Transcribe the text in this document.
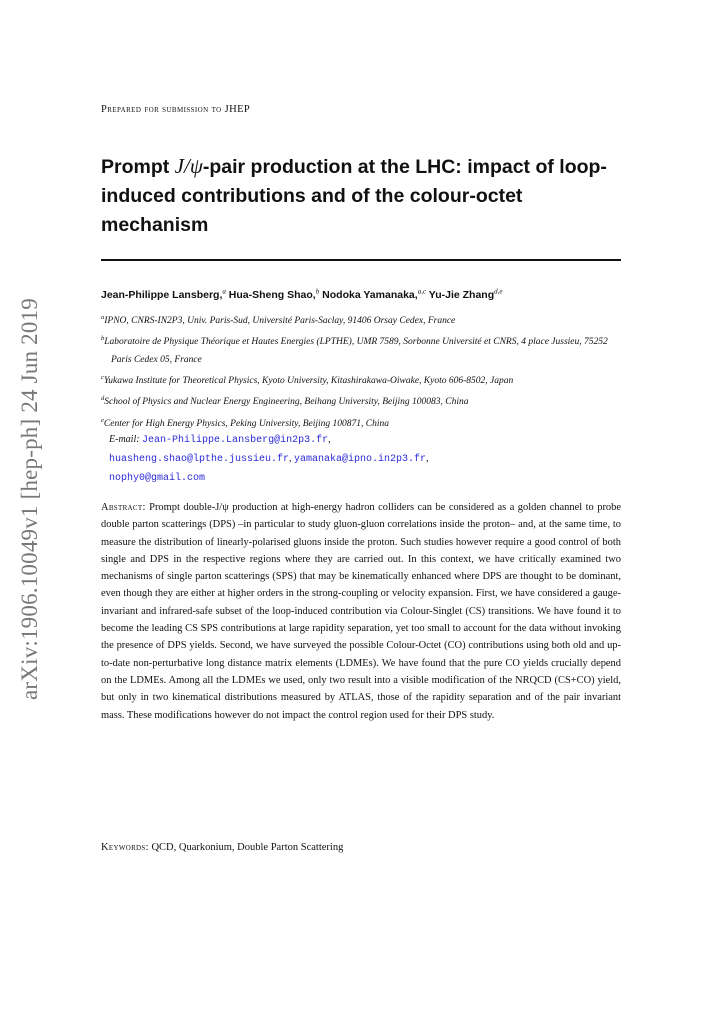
arXiv:1906.10049v1 [hep-ph] 24 Jun 2019
Prepared for submission to JHEP
Prompt J/ψ-pair production at the LHC: impact of loop-induced contributions and of the colour-octet mechanism
Jean-Philippe Lansberg,$^a$ Hua-Sheng Shao,$^b$ Nodoka Yamanaka,$^{a,c}$ Yu-Jie Zhang$^{d,e}$
$^a$IPNO, CNRS-IN2P3, Univ. Paris-Sud, Université Paris-Saclay, 91406 Orsay Cedex, France
$^b$Laboratoire de Physique Théorique et Hautes Energies (LPTHE), UMR 7589, Sorbonne Université et CNRS, 4 place Jussieu, 75252 Paris Cedex 05, France
$^c$Yukawa Institute for Theoretical Physics, Kyoto University, Kitashirakawa-Oiwake, Kyoto 606-8502, Japan
$^d$School of Physics and Nuclear Energy Engineering, Beihang University, Beijing 100083, China
$^e$Center for High Energy Physics, Peking University, Beijing 100871, China
E-mail: Jean-Philippe.Lansberg@in2p3.fr,
huasheng.shao@lpthe.jussieu.fr, yamanaka@ipno.in2p3.fr,
nophy0@gmail.com

Abstract: Prompt double-J/ψ production at high-energy hadron colliders can be considered as a golden channel to probe double parton scatterings (DPS) –in particular to study gluon-gluon correlations inside the proton– and, at the same time, to measure the distribution of linearly-polarised gluons inside the proton. Such studies however require a good control of both single and DPS in the respective regions where they are carried out. In this context, we have critically examined two mechanisms of single parton scatterings (SPS) that may be kinematically enhanced where DPS are thought to be dominant, even though they are either at higher orders in the strong-coupling or velocity expansion. First, we have considered a gauge-invariant and infrared-safe subset of the loop-induced contribution via Colour-Singlet (CS) transitions. We have found it to become the leading CS SPS contributions at large rapidity separation, yet too small to account for the data without invoking the presence of DPS yields. Second, we have surveyed the possible Colour-Octet (CO) contributions using both old and up-to-date non-perturbative long distance matrix elements (LDMEs). We have found that the pure CO yields crucially depend on the LDMEs. Among all the LDMEs we used, only two result into a visible modification of the NRQCD (CS+CO) yield, but only in two kinematical distributions measured by ATLAS, those of the rapidity separation and of the pair invariant mass. These modifications however do not impact the control region used for their DPS study.

Keywords: QCD, Quarkonium, Double Parton Scattering
